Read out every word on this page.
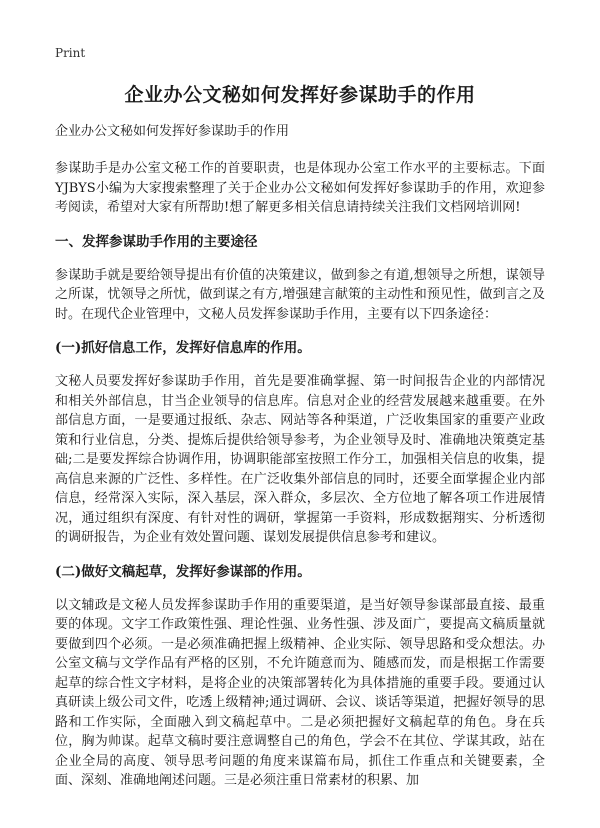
Print
企业办公文秘如何发挥好参谋助手的作用
企业办公文秘如何发挥好参谋助手的作用

参谋助手是办公室文秘工作的首要职责，也是体现办公室工作水平的主要标志。下面YJBYS小编为大家搜索整理了关于企业办公文秘如何发挥好参谋助手的作用，欢迎参考阅读，希望对大家有所帮助!想了解更多相关信息请持续关注我们文档网培训网!

一、发挥参谋助手作用的主要途径

参谋助手就是要给领导提出有价值的决策建议，做到参之有道,想领导之所想，谋领导之所谋，忧领导之所忧，做到谋之有方,增强建言献策的主动性和预见性，做到言之及时。在现代企业管理中，文秘人员发挥参谋助手作用，主要有以下四条途径：

(一)抓好信息工作，发挥好信息库的作用。

文秘人员要发挥好参谋助手作用，首先是要准确掌握、第一时间报告企业的内部情况和相关外部信息，甘当企业领导的信息库。信息对企业的经营发展越来越重要。在外部信息方面，一是要通过报纸、杂志、网站等各种渠道，广泛收集国家的重要产业政策和行业信息，分类、提炼后提供给领导参考，为企业领导及时、准确地决策奠定基础;二是要发挥综合协调作用，协调职能部室按照工作分工，加强相关信息的收集，提高信息来源的广泛性、多样性。在广泛收集外部信息的同时，还要全面掌握企业内部信息，经常深入实际，深入基层，深入群众，多层次、全方位地了解各项工作进展情况，通过组织有深度、有针对性的调研，掌握第一手资料，形成数据翔实、分析透彻的调研报告，为企业有效处置问题、谋划发展提供信息参考和建议。

(二)做好文稿起草，发挥好参谋部的作用。

以文辅政是文秘人员发挥参谋助手作用的重要渠道，是当好领导参谋部最直接、最重要的体现。文字工作政策性强、理论性强、业务性强、涉及面广，要提高文稿质量就要做到四个必须。一是必须准确把握上级精神、企业实际、领导思路和受众想法。办公室文稿与文学作品有严格的区别，不允许随意而为、随感而发，而是根据工作需要起草的综合性文字材料，是将企业的决策部署转化为具体措施的重要手段。要通过认真研读上级公司文件，吃透上级精神;通过调研、会议、谈话等渠道，把握好领导的思路和工作实际，全面融入到文稿起草中。二是必须把握好文稿起草的角色。身在兵位，胸为帅谋。起草文稿时要注意调整自己的角色，学会不在其位、学谋其政，站在企业全局的高度、领导思考问题的角度来谋篇布局，抓住工作重点和关键要素，全面、深刻、准确地阐述问题。三是必须注重日常素材的积累、加
